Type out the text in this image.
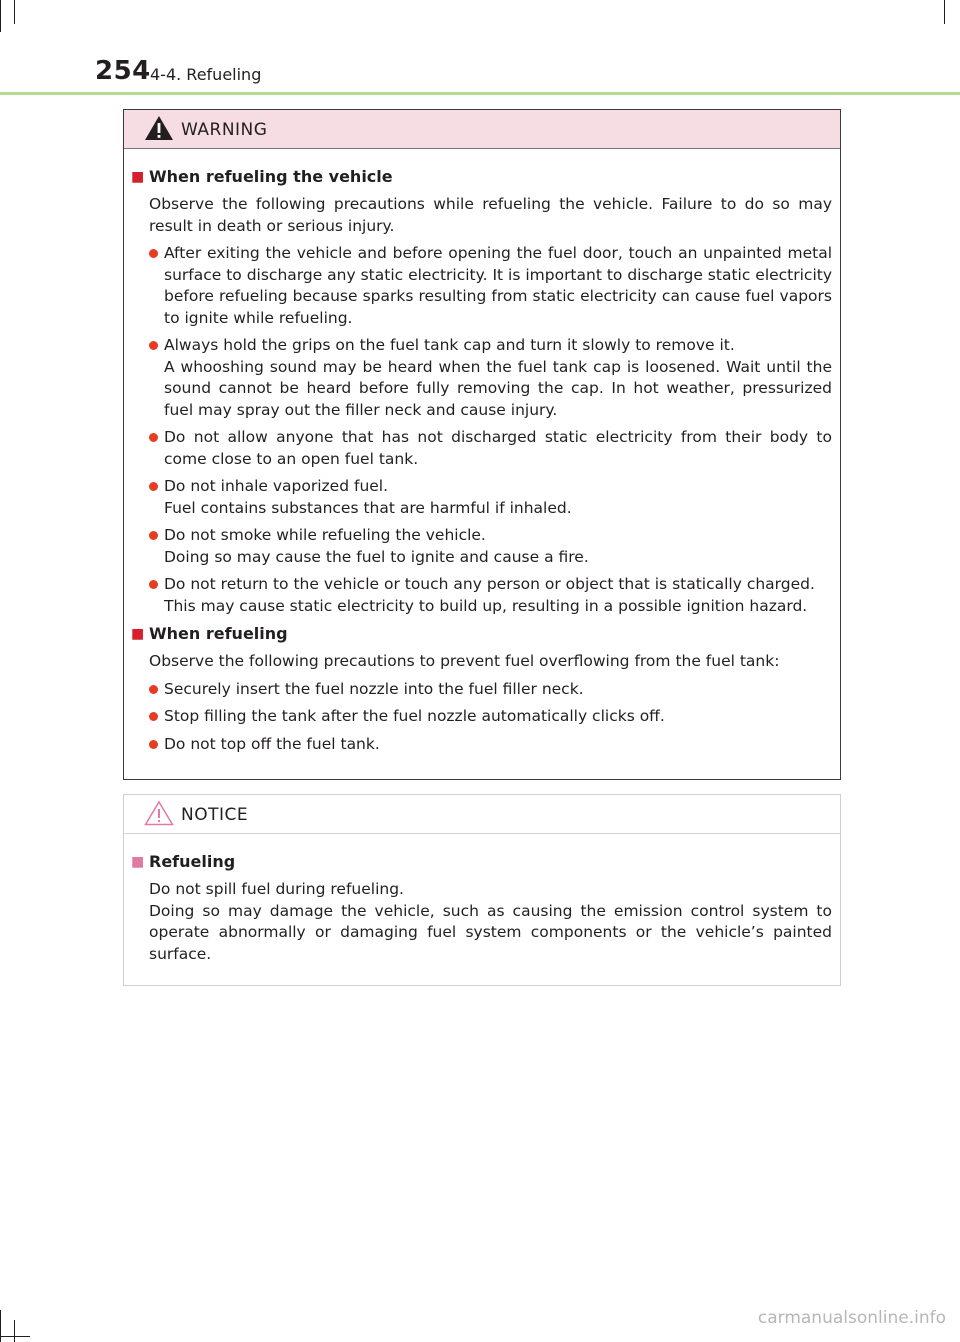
254 4-4. Refueling
WARNING
■ When refueling the vehicle
Observe the following precautions while refueling the vehicle. Failure to do so may result in death or serious injury.
After exiting the vehicle and before opening the fuel door, touch an unpainted metal surface to discharge any static electricity. It is important to discharge static electricity before refueling because sparks resulting from static electricity can cause fuel vapors to ignite while refueling.
Always hold the grips on the fuel tank cap and turn it slowly to remove it.
A whooshing sound may be heard when the fuel tank cap is loosened. Wait until the sound cannot be heard before fully removing the cap. In hot weather, pressurized fuel may spray out the filler neck and cause injury.
Do not allow anyone that has not discharged static electricity from their body to come close to an open fuel tank.
Do not inhale vaporized fuel.
Fuel contains substances that are harmful if inhaled.
Do not smoke while refueling the vehicle.
Doing so may cause the fuel to ignite and cause a fire.
Do not return to the vehicle or touch any person or object that is statically charged.
This may cause static electricity to build up, resulting in a possible ignition hazard.
■ When refueling
Observe the following precautions to prevent fuel overflowing from the fuel tank:
Securely insert the fuel nozzle into the fuel filler neck.
Stop filling the tank after the fuel nozzle automatically clicks off.
Do not top off the fuel tank.
NOTICE
■ Refueling
Do not spill fuel during refueling.
Doing so may damage the vehicle, such as causing the emission control system to operate abnormally or damaging fuel system components or the vehicle’s painted surface.
carmanualsonline.info
